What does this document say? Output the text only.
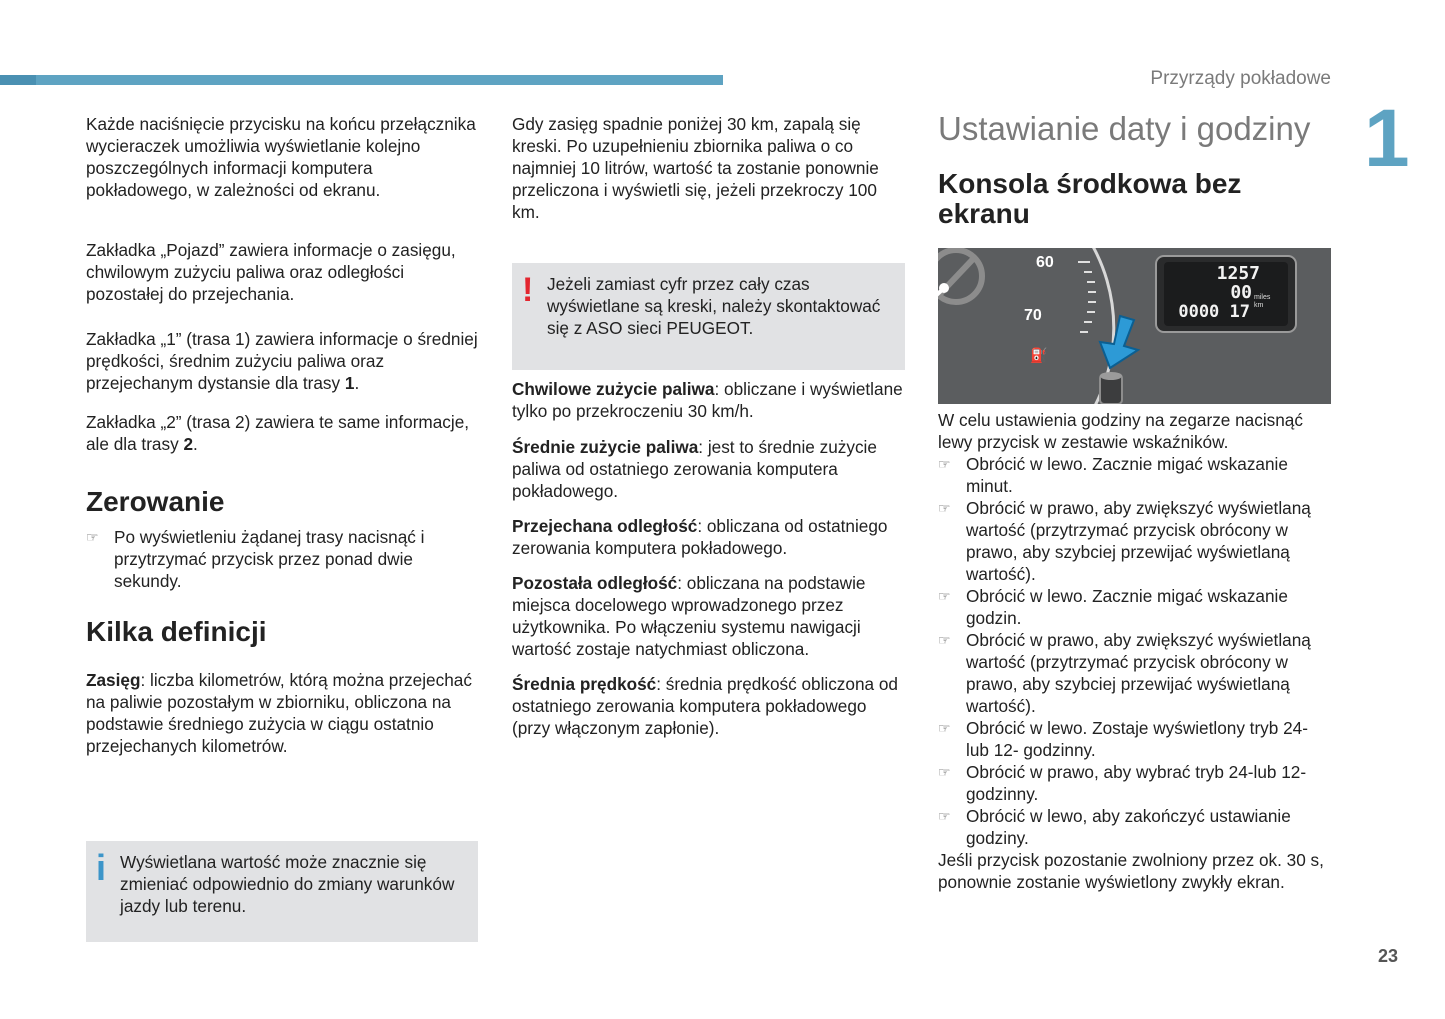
Przyrządy pokładowe
1
23

Każde naciśnięcie przycisku na końcu przełącznika wycieraczek umożliwia wyświetlanie kolejno poszczególnych informacji komputera pokładowego, w zależności od ekranu.

Zakładka „Pojazd” zawiera informacje o zasięgu, chwilowym zużyciu paliwa oraz odległości pozostałej do przejechania.

Zakładka „1” (trasa 1) zawiera informacje o średniej prędkości, średnim zużyciu paliwa oraz przejechanym dystansie dla trasy 1.

Zakładka „2” (trasa 2) zawiera te same informacje, ale dla trasy 2.

Zerowanie
☞ Po wyświetleniu żądanej trasy nacisnąć i przytrzymać przycisk przez ponad dwie sekundy.
Kilka definicji

Zasięg: liczba kilometrów, którą można przejechać na paliwie pozostałym w zbiorniku, obliczona na podstawie średniego zużycia w ciągu ostatnio przejechanych kilometrów.

i Wyświetlana wartość może znacznie się zmieniać odpowiednio do zmiany warunków jazdy lub terenu.

Gdy zasięg spadnie poniżej 30 km, zapalą się kreski. Po uzupełnieniu zbiornika paliwa o co najmniej 10 litrów, wartość ta zostanie ponownie przeliczona i wyświetli się, jeżeli przekroczy 100 km.

! Jeżeli zamiast cyfr przez cały czas wyświetlane są kreski, należy skontaktować się z ASO sieci PEUGEOT.

Chwilowe zużycie paliwa: obliczane i wyświetlane tylko po przekroczeniu 30 km/h.

Średnie zużycie paliwa: jest to średnie zużycie paliwa od ostatniego zerowania komputera pokładowego.

Przejechana odległość: obliczana od ostatniego zerowania komputera pokładowego.

Pozostała odległość: obliczana na podstawie miejsca docelowego wprowadzonego przez użytkownika. Po włączeniu systemu nawigacji wartość zostaje natychmiast obliczona.

Średnia prędkość: średnia prędkość obliczona od ostatniego zerowania komputera pokładowego (przy włączonym zapłonie).

Ustawianie daty i godziny
Konsola środkowa bez ekranu
60
70
⛽
1257
00 miles
0000 17 km

W celu ustawienia godziny na zegarze nacisnąć lewy przycisk w zestawie wskaźników.

☞ Obrócić w lewo. Zacznie migać wskazanie minut.
☞ Obrócić w prawo, aby zwiększyć wyświetlaną wartość (przytrzymać przycisk obrócony w prawo, aby szybciej przewijać wyświetlaną wartość).
☞ Obrócić w lewo. Zacznie migać wskazanie godzin.
☞ Obrócić w prawo, aby zwiększyć wyświetlaną wartość (przytrzymać przycisk obrócony w prawo, aby szybciej przewijać wyświetlaną wartość).
☞ Obrócić w lewo. Zostaje wyświetlony tryb 24- lub 12- godzinny.
☞ Obrócić w prawo, aby wybrać tryb 24-lub 12-godzinny.
☞ Obrócić w lewo, aby zakończyć ustawianie godziny.

Jeśli przycisk pozostanie zwolniony przez ok. 30 s, ponownie zostanie wyświetlony zwykły ekran.
